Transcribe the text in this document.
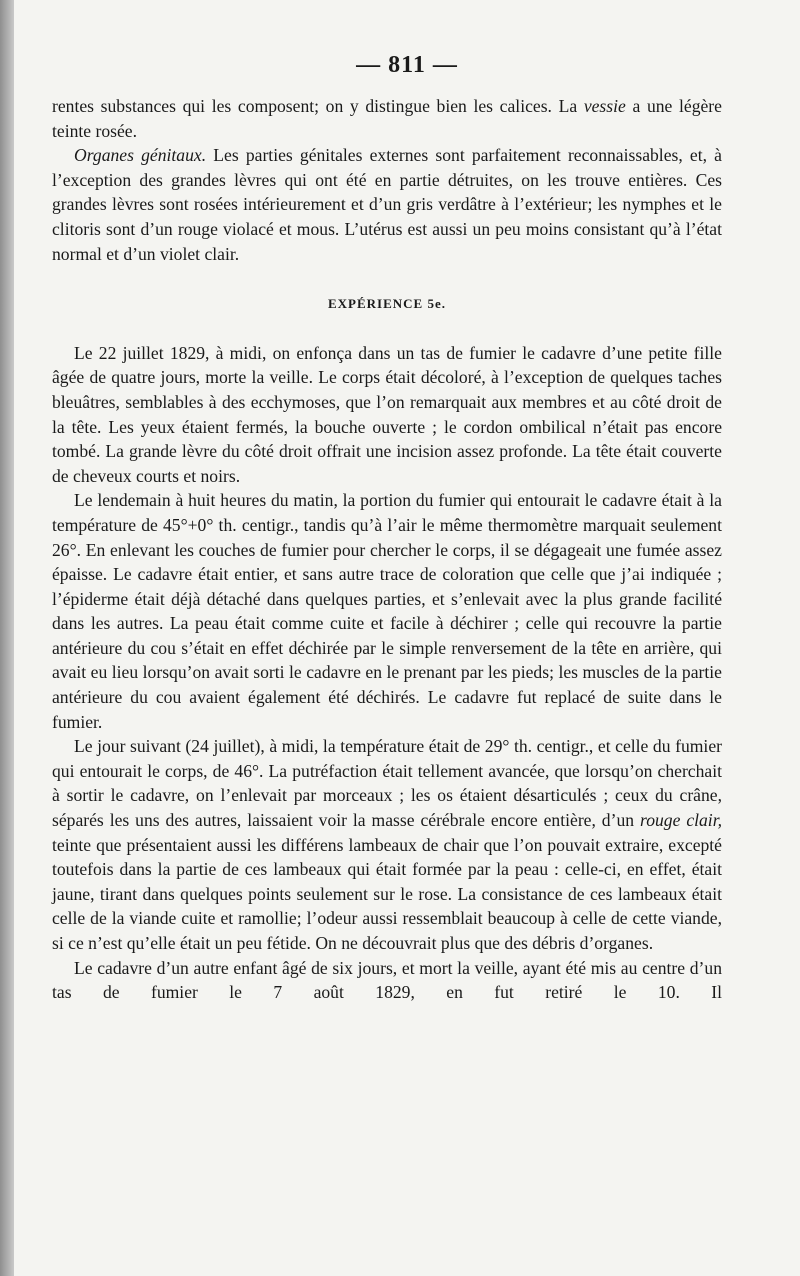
— 811 —

rentes substances qui les composent; on y distingue bien les calices. La vessie a une légère teinte rosée.

Organes génitaux. Les parties génitales externes sont parfaitement reconnaissables, et, à l’exception des grandes lèvres qui ont été en partie détruites, on les trouve entières. Ces grandes lèvres sont rosées intérieurement et d’un gris verdâtre à l’extérieur; les nymphes et le clitoris sont d’un rouge violacé et mous. L’utérus est aussi un peu moins consistant qu’à l’état normal et d’un violet clair.

EXPÉRIENCE 5e.

Le 22 juillet 1829, à midi, on enfonça dans un tas de fumier le cadavre d’une petite fille âgée de quatre jours, morte la veille. Le corps était décoloré, à l’exception de quelques taches bleuâtres, semblables à des ecchymoses, que l’on remarquait aux membres et au côté droit de la tête. Les yeux étaient fermés, la bouche ouverte ; le cordon ombilical n’était pas encore tombé. La grande lèvre du côté droit offrait une incision assez profonde. La tête était couverte de cheveux courts et noirs.

Le lendemain à huit heures du matin, la portion du fumier qui entourait le cadavre était à la température de 45°+0° th. centigr., tandis qu’à l’air le même thermomètre marquait seulement 26°. En enlevant les couches de fumier pour chercher le corps, il se dégageait une fumée assez épaisse. Le cadavre était entier, et sans autre trace de coloration que celle que j’ai indiquée ; l’épiderme était déjà détaché dans quelques parties, et s’enlevait avec la plus grande facilité dans les autres. La peau était comme cuite et facile à déchirer ; celle qui recouvre la partie antérieure du cou s’était en effet déchirée par le simple renversement de la tête en arrière, qui avait eu lieu lorsqu’on avait sorti le cadavre en le prenant par les pieds; les muscles de la partie antérieure du cou avaient également été déchirés. Le cadavre fut replacé de suite dans le fumier.

Le jour suivant (24 juillet), à midi, la température était de 29° th. centigr., et celle du fumier qui entourait le corps, de 46°. La putréfaction était tellement avancée, que lorsqu’on cherchait à sortir le cadavre, on l’enlevait par morceaux ; les os étaient désarticulés ; ceux du crâne, séparés les uns des autres, laissaient voir la masse cérébrale encore entière, d’un rouge clair, teinte que présentaient aussi les différens lambeaux de chair que l’on pouvait extraire, excepté toutefois dans la partie de ces lambeaux qui était formée par la peau : celle-ci, en effet, était jaune, tirant dans quelques points seulement sur le rose. La consistance de ces lambeaux était celle de la viande cuite et ramollie; l’odeur aussi ressemblait beaucoup à celle de cette viande, si ce n’est qu’elle était un peu fétide. On ne découvrait plus que des débris d’organes.

Le cadavre d’un autre enfant âgé de six jours, et mort la veille, ayant été mis au centre d’un tas de fumier le 7 août 1829, en fut retiré le 10. Il
